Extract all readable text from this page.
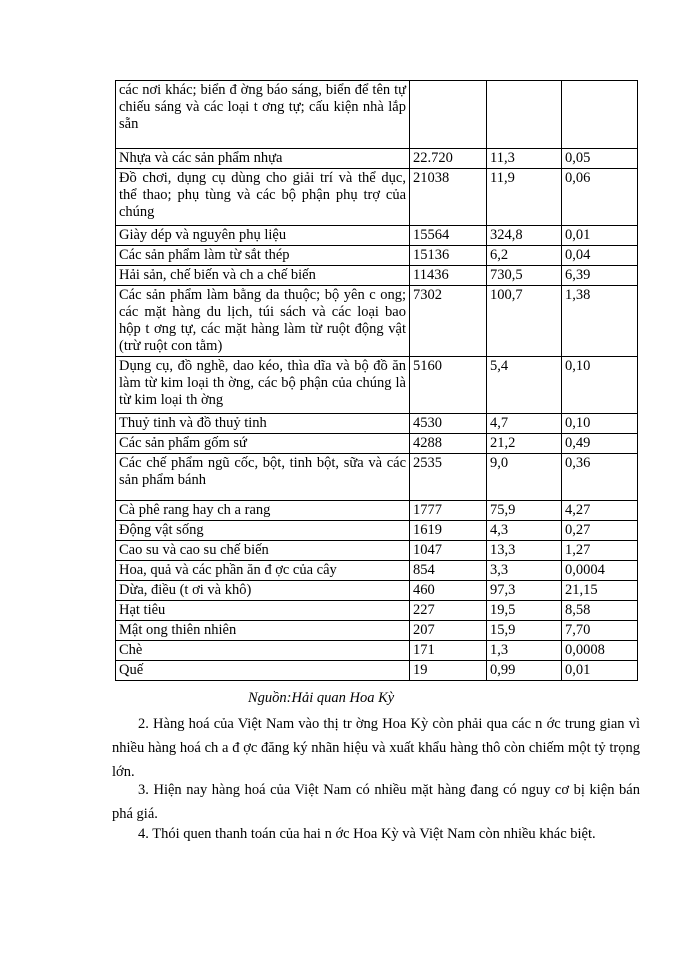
các nơi khác; biển đ ờng báo sáng, biển để tên tự chiếu sáng và các loại t ơng tự; cấu kiện nhà lắp sẵn			
Nhựa và các sản phẩm nhựa	22.720	11,3	0,05
Đồ chơi, dụng cụ dùng cho giải trí và thể dục, thể thao; phụ tùng và các bộ phận phụ trợ của chúng	21038	11,9	0,06
Giày dép và nguyên phụ liệu	15564	324,8	0,01
Các sản phẩm làm từ sắt thép	15136	6,2	0,04
Hải sản, chế biến và ch a chế biến	11436	730,5	6,39
Các sản phẩm làm bằng da thuộc; bộ yên c ong; các mặt hàng du lịch, túi sách và các loại bao hộp t ơng tự, các mặt hàng làm từ ruột động vật (trừ ruột con tằm)	7302	100,7	1,38
Dụng cụ, đồ nghề, dao kéo, thìa dĩa và bộ đồ ăn làm từ kim loại th ờng, các bộ phận của chúng là từ kim loại th ờng	5160	5,4	0,10
Thuỷ tinh và đồ thuỷ tinh	4530	4,7	0,10
Các sản phẩm gốm sứ	4288	21,2	0,49
Các chế phẩm ngũ cốc, bột, tinh bột, sữa và các sản phẩm bánh	2535	9,0	0,36
Cà phê rang hay ch a rang	1777	75,9	4,27
Động vật sống	1619	4,3	0,27
Cao su và cao su chế biến	1047	13,3	1,27
Hoa, quả và các phần ăn đ ợc của cây	854	3,3	0,0004
Dừa, điều (t ơi và khô)	460	97,3	21,15
Hạt tiêu	227	19,5	8,58
Mật ong thiên nhiên	207	15,9	7,70
Chè	171	1,3	0,0008
Quế	19	0,99	0,01
Nguồn:Hải quan Hoa Kỳ

2. Hàng hoá của Việt Nam vào thị tr ờng Hoa Kỳ còn phải qua các n ớc trung gian vì nhiều hàng hoá ch a đ ợc đăng ký nhãn hiệu và xuất khẩu hàng thô còn chiếm một tỷ trọng lớn.

3. Hiện nay hàng hoá của Việt Nam có nhiều mặt hàng đang có nguy cơ bị kiện bán phá giá.

4. Thói quen thanh toán của hai n ớc Hoa Kỳ và Việt Nam còn nhiều khác biệt.
